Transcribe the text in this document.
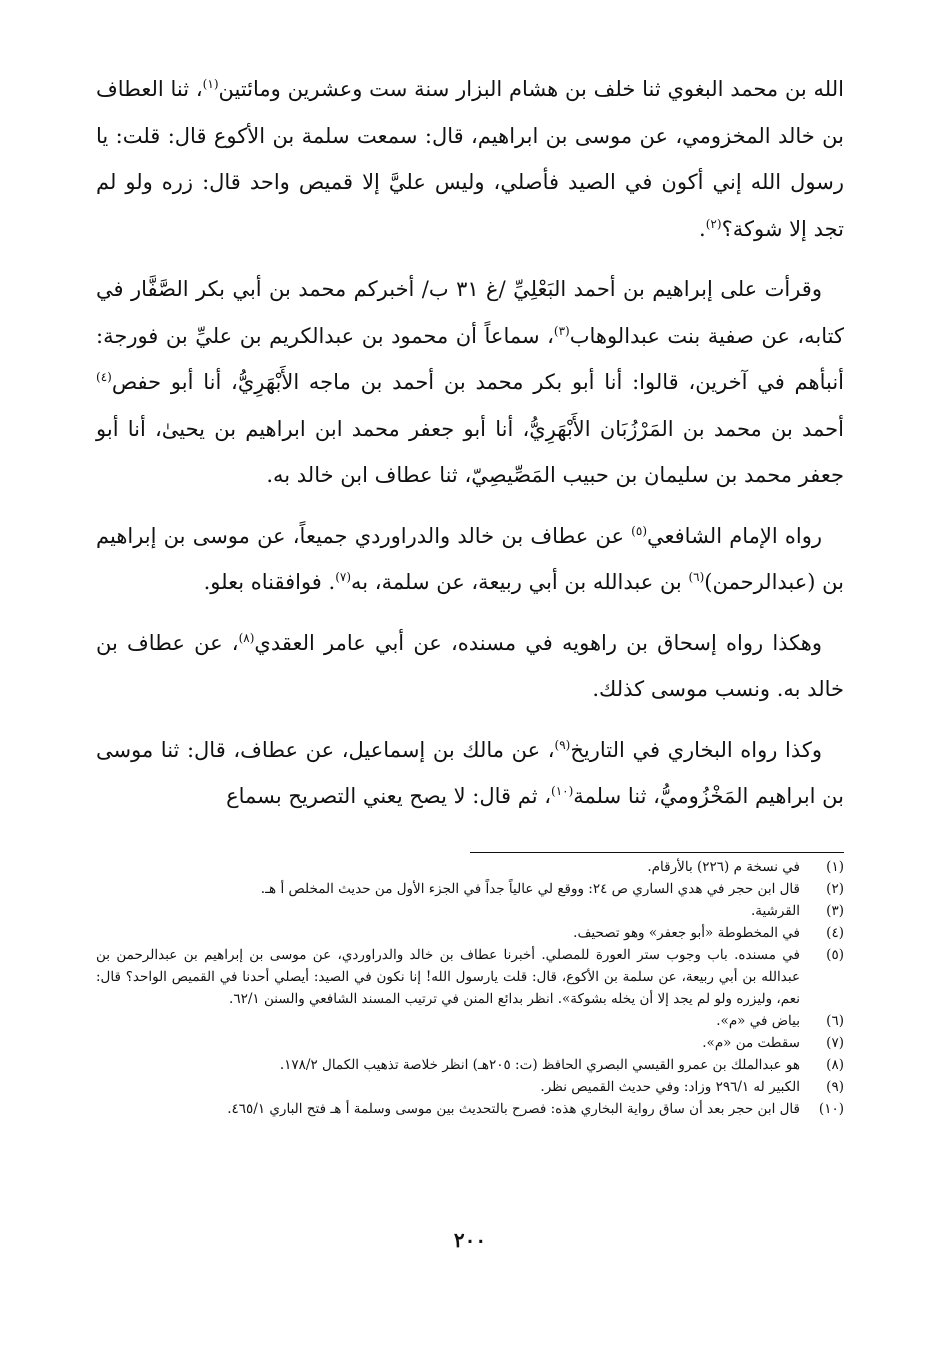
الله بن محمد البغوي ثنا خلف بن هشام البزار سنة ست وعشرين ومائتين$^{(١)}$، ثنا العطاف بن خالد المخزومي، عن موسى بن ابراهيم، قال: سمعت سلمة بن الأكوع قال: قلت: يا رسول الله إني أكون في الصيد فأصلي، وليس عليَّ إلا قميص واحد قال: زره ولو لم تجد إلا شوكة؟$^{(٢)}$.

وقرأت على إبراهيم بن أحمد البَعْلِيِّ /غ ٣١ ب/ أخبركم محمد بن أبي بكر الصَّفَّار في كتابه، عن صفية بنت عبدالوهاب$^{(٣)}$، سماعاً أن محمود بن عبدالكريم بن عليِّ بن فورجة: أنبأهم في آخرين، قالوا: أنا أبو بكر محمد بن أحمد بن ماجه الأَبْهَرِيُّ، أنا أبو حفص$^{(٤)}$ أحمد بن محمد بن المَرْزُبَان الأَبْهَرِيُّ، أنا أبو جعفر محمد ابن ابراهيم بن يحيىٰ، أنا أبو جعفر محمد بن سليمان بن حبيب المَصِّيصِيّ، ثنا عطاف ابن خالد به.

رواه الإمام الشافعي$^{(٥)}$ عن عطاف بن خالد والدراوردي جميعاً، عن موسى بن إبراهيم بن (عبدالرحمن)$^{(٦)}$ بن عبدالله بن أبي ربيعة، عن سلمة، به$^{(٧)}$. فوافقناه بعلو.

وهكذا رواه إسحاق بن راهويه في مسنده، عن أبي عامر العقدي$^{(٨)}$، عن عطاف بن خالد به. ونسب موسى كذلك.

وكذا رواه البخاري في التاريخ$^{(٩)}$، عن مالك بن إسماعيل، عن عطاف، قال: ثنا موسى بن ابراهيم المَخْزُوميُّ، ثنا سلمة$^{(١٠)}$، ثم قال: لا يصح يعني التصريح بسماع

(١)
في نسخة م (٢٢٦) بالأرقام.
(٢)
قال ابن حجر في هدي الساري ص ٢٤: ووقع لي عالياً جداً في الجزء الأول من حديث المخلص أ هـ.
(٣)
القرشية.
(٤)
في المخطوطة «أبو جعفر» وهو تصحيف.
(٥)
في مسنده. باب وجوب ستر العورة للمصلي. أخبرنا عطاف بن خالد والدراوردي، عن موسى بن إبراهيم بن عبدالرحمن بن عبدالله بن أبي ربيعة، عن سلمة بن الأكوع، قال: قلت يارسول الله! إنا نكون في الصيد: أيصلي أحدنا في القميص الواحد؟ قال: نعم، وليزره ولو لم يجد إلا أن يخله بشوكة». انظر بدائع المنن في ترتيب المسند الشافعي والسنن ٦٢/١.
(٦)
بياض في «م».
(٧)
سقطت من «م».
(٨)
هو عبدالملك بن عمرو القيسي البصري الحافظ (ت: ٢٠٥هـ) انظر خلاصة تذهيب الكمال ١٧٨/٢.
(٩)
الكبير له ٢٩٦/١ وزاد: وفي حديث القميص نظر.
(١٠)
قال ابن حجر بعد أن ساق رواية البخاري هذه: فصرح بالتحديث بين موسى وسلمة أ هـ فتح الباري ٤٦٥/١.
٢٠٠
